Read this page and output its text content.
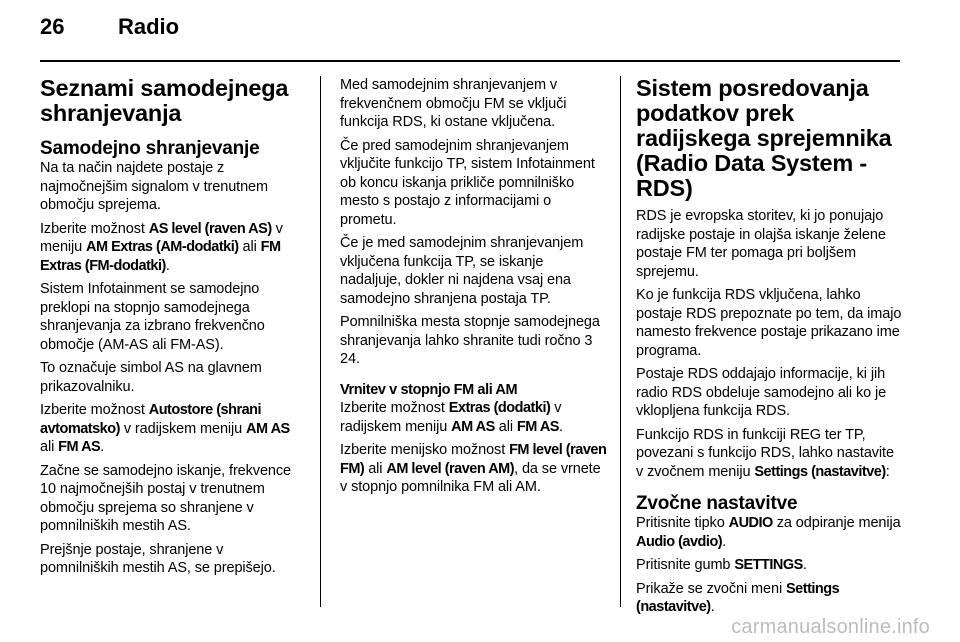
26 Radio
Seznami samodejnega shranjevanja
Samodejno shranjevanje

Na ta način najdete postaje z najmočnejšim signalom v trenutnem območju sprejema.

Izberite možnost AS level (raven AS) v meniju AM Extras (AM-dodatki) ali FM Extras (FM-dodatki).

Sistem Infotainment se samodejno preklopi na stopnjo samodejnega shranjevanja za izbrano frekvenčno območje (AM-AS ali FM-AS).

To označuje simbol AS na glavnem prikazovalniku.

Izberite možnost Autostore (shrani avtomatsko) v radijskem meniju AM AS ali FM AS.

Začne se samodejno iskanje, frekvence 10 najmočnejših postaj v trenutnem območju sprejema so shranjene v pomnilniških mestih AS.

Prejšnje postaje, shranjene v pomnilniških mestih AS, se prepišejo.

Med samodejnim shranjevanjem v frekvenčnem območju FM se vključi funkcija RDS, ki ostane vključena.

Če pred samodejnim shranjevanjem vključite funkcijo TP, sistem Infotainment ob koncu iskanja prikliče pomnilniško mesto s postajo z informacijami o prometu.

Če je med samodejnim shranjevanjem vključena funkcija TP, se iskanje nadaljuje, dokler ni najdena vsaj ena samodejno shranjena postaja TP.

Pomnilniška mesta stopnje samodejnega shranjevanja lahko shranite tudi ročno 3 24.

Vrnitev v stopnjo FM ali AM

Izberite možnost Extras (dodatki) v radijskem meniju AM AS ali FM AS.

Izberite menijsko možnost FM level (raven FM) ali AM level (raven AM), da se vrnete v stopnjo pomnilnika FM ali AM.

Sistem posredovanja podatkov prek radijskega sprejemnika (Radio Data System - RDS)

RDS je evropska storitev, ki jo ponujajo radijske postaje in olajša iskanje želene postaje FM ter pomaga pri boljšem sprejemu.

Ko je funkcija RDS vključena, lahko postaje RDS prepoznate po tem, da imajo namesto frekvence postaje prikazano ime programa.

Postaje RDS oddajajo informacije, ki jih radio RDS obdeluje samodejno ali ko je vklopljena funkcija RDS.

Funkcijo RDS in funkciji REG ter TP, povezani s funkcijo RDS, lahko nastavite v zvočnem meniju Settings (nastavitve):

Zvočne nastavitve

Pritisnite tipko AUDIO za odpiranje menija Audio (avdio).

Pritisnite gumb SETTINGS.

Prikaže se zvočni meni Settings (nastavitve).

carmanualsonline.info
